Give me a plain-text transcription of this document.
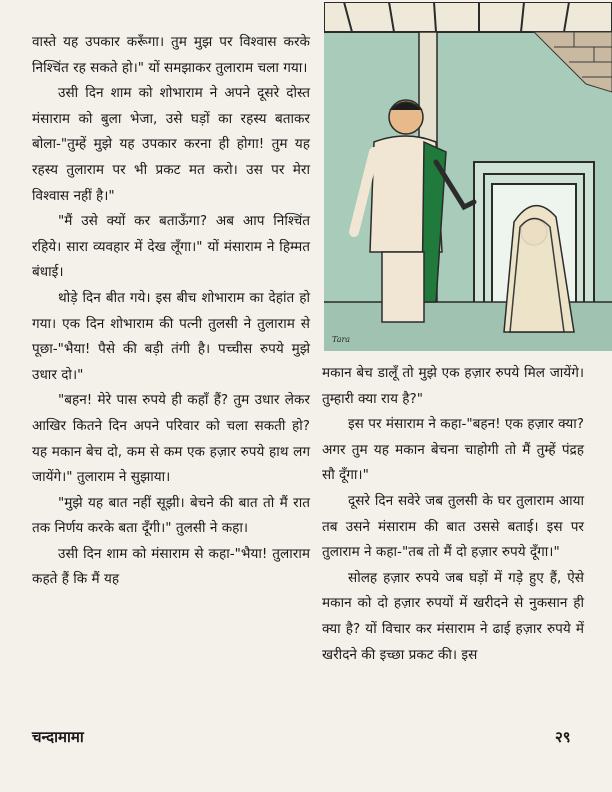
वास्ते यह उपकार करूँगा। तुम मुझ पर विश्वास करके निश्चिंत रह सकते हो।" यों समझाकर तुलाराम चला गया।

उसी दिन शाम को शोभाराम ने अपने दूसरे दोस्त मंसाराम को बुला भेजा, उसे घड़ों का रहस्य बताकर बोला-"तुम्हें मुझे यह उपकार करना ही होगा! तुम यह रहस्य तुलाराम पर भी प्रकट मत करो। उस पर मेरा विश्वास नहीं है।"

"मैं उसे क्यों कर बताऊँगा? अब आप निश्चिंत रहिये। सारा व्यवहार में देख लूँगा।" यों मंसाराम ने हिम्मत बंधाई।

थोड़े दिन बीत गये। इस बीच शोभाराम का देहांत हो गया। एक दिन शोभाराम की पत्नी तुलसी ने तुलाराम से पूछा-"भैया! पैसे की बड़ी तंगी है। पच्चीस रुपये मुझे उधार दो।"

"बहन! मेरे पास रुपये ही कहाँ हैं? तुम उधार लेकर आखिर कितने दिन अपने परिवार को चला सकती हो? यह मकान बेच दो, कम से कम एक हज़ार रुपये हाथ लग जायेंगे।" तुलाराम ने सुझाया।

"मुझे यह बात नहीं सूझी। बेचने की बात तो मैं रात तक निर्णय करके बता दूँगी।" तुलसी ने कहा।

उसी दिन शाम को मंसाराम से कहा-"भैया! तुलाराम कहते हैं कि मैं यह

Tara

मकान बेच डालूँ तो मुझे एक हज़ार रुपये मिल जायेंगे। तुम्हारी क्या राय है?"

इस पर मंसाराम ने कहा-"बहन! एक हज़ार क्या? अगर तुम यह मकान बेचना चाहोगी तो मैं तुम्हें पंद्रह सौ दूँगा।"

दूसरे दिन सवेरे जब तुलसी के घर तुलाराम आया तब उसने मंसाराम की बात उससे बताई। इस पर तुलाराम ने कहा-"तब तो मैं दो हज़ार रुपये दूँगा।"

सोलह हज़ार रुपये जब घड़ों में गड़े हुए हैं, ऐसे मकान को दो हज़ार रुपयों में खरीदने से नुकसान ही क्या है? यों विचार कर मंसाराम ने ढाई हज़ार रुपये में खरीदने की इच्छा प्रकट की। इस

चन्दामामा	२९
